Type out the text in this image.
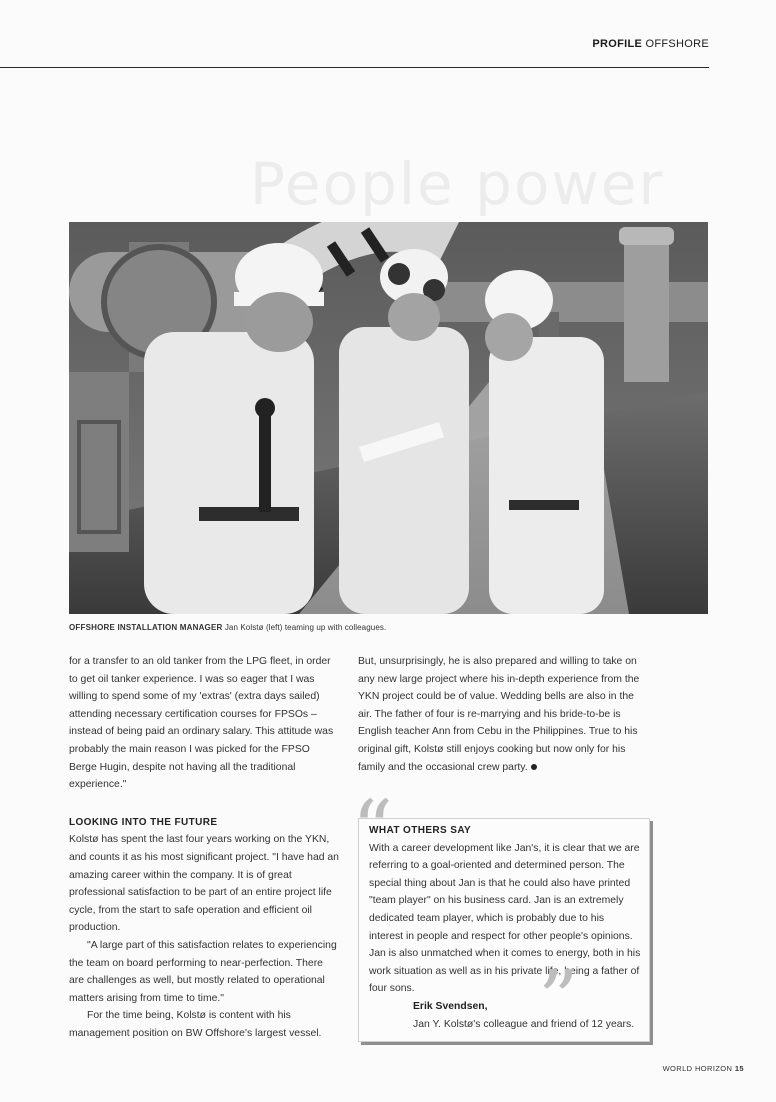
PROFILE OFFSHORE
People power
OFFSHORE INSTALLATION MANAGER Jan Kolstø (left) teaming up with colleagues.

for a transfer to an old tanker from the LPG fleet, in order to get oil tanker experience. I was so eager that I was willing to spend some of my 'extras' (extra days sailed) attending necessary certification courses for FPSOs – instead of being paid an ordinary salary. This attitude was probably the main reason I was picked for the FPSO Berge Hugin, despite not having all the traditional experience."

LOOKING INTO THE FUTURE

Kolstø has spent the last four years working on the YKN, and counts it as his most significant project. "I have had an amazing career within the company. It is of great professional satisfaction to be part of an entire project life cycle, from the start to safe operation and efficient oil production.

"A large part of this satisfaction relates to experiencing the team on board performing to near-perfection. There are challenges as well, but mostly related to operational matters arising from time to time."

For the time being, Kolstø is content with his management position on BW Offshore's largest vessel.

But, unsurprisingly, he is also prepared and willing to take on any new large project where his in-depth experience from the YKN project could be of value. Wedding bells are also in the air. The father of four is re-marrying and his bride-to-be is English teacher Ann from Cebu in the Philippines. True to his original gift, Kolstø still enjoys cooking but now only for his family and the occasional crew party.

“

WHAT OTHERS SAY

With a career development like Jan's, it is clear that we are referring to a goal-oriented and determined person. The special thing about Jan is that he could also have printed "team player" on his business card. Jan is an extremely dedicated team player, which is probably due to his interest in people and respect for other people's opinions. Jan is also unmatched when it comes to energy, both in his work situation as well as in his private life, being a father of four sons.

Erik Svendsen,

Jan Y. Kolstø's colleague and friend of 12 years.

”
WORLD HORIZON 15
